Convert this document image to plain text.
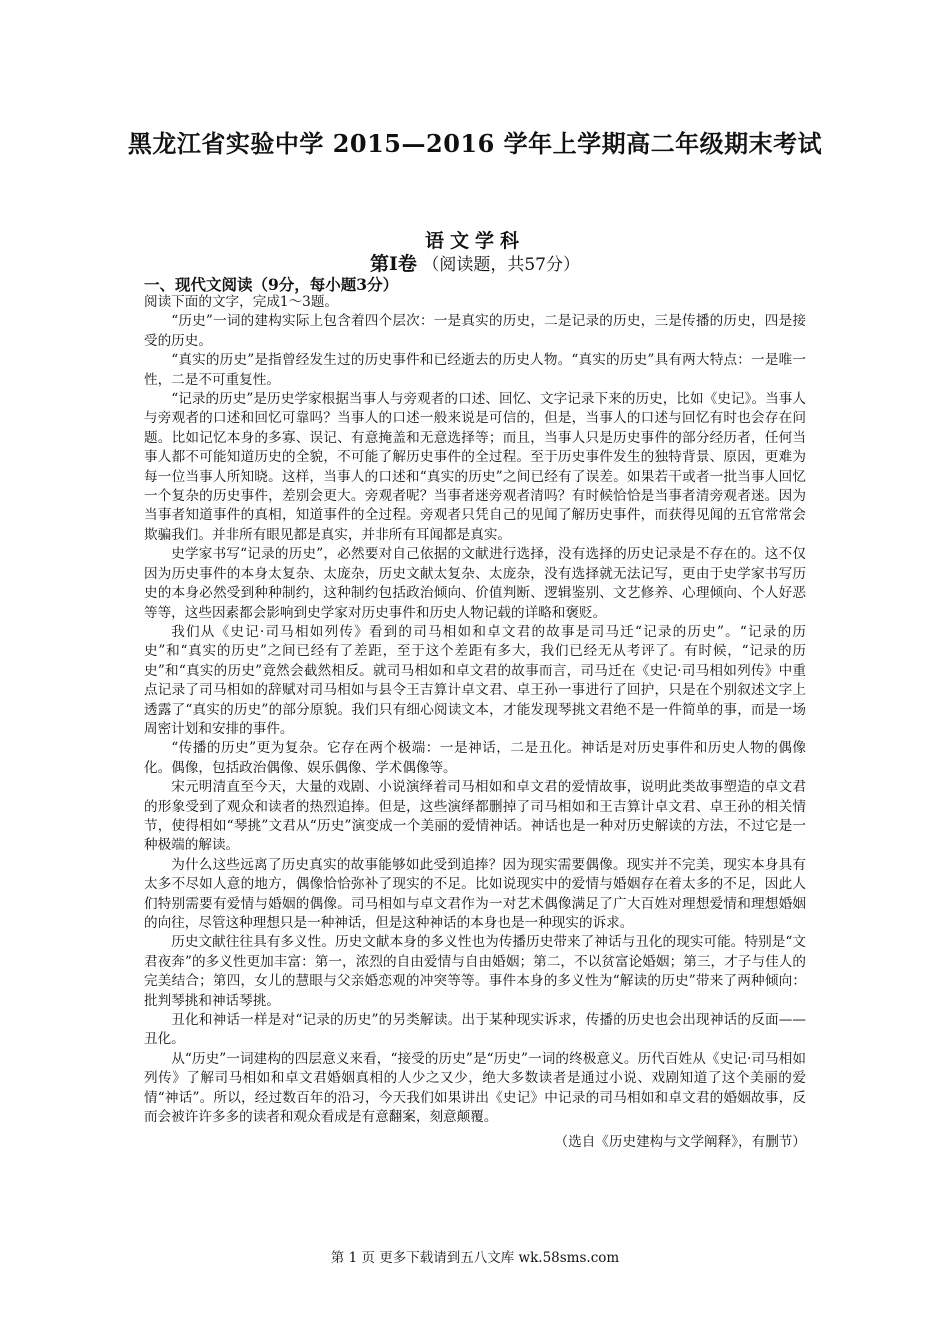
黑龙江省实验中学 2015—2016 学年上学期高二年级期末考试
语文学科
第Ⅰ卷 （阅读题，共57分）
一、现代文阅读（9分，每小题3分）

阅读下面的文字，完成1～3题。

“历史”一词的建构实际上包含着四个层次：一是真实的历史，二是记录的历史，三是传播的历史，四是接受的历史。

“真实的历史”是指曾经发生过的历史事件和已经逝去的历史人物。“真实的历史”具有两大特点：一是唯一性，二是不可重复性。

“记录的历史”是历史学家根据当事人与旁观者的口述、回忆、文字记录下来的历史，比如《史记》。当事人与旁观者的口述和回忆可靠吗？当事人的口述一般来说是可信的，但是，当事人的口述与回忆有时也会存在问题。比如记忆本身的多寡、误记、有意掩盖和无意选择等；而且，当事人只是历史事件的部分经历者，任何当事人都不可能知道历史的全貌，不可能了解历史事件的全过程。至于历史事件发生的独特背景、原因，更难为每一位当事人所知晓。这样，当事人的口述和“真实的历史”之间已经有了误差。如果若干或者一批当事人回忆一个复杂的历史事件，差别会更大。旁观者呢？当事者迷旁观者清吗？有时候恰恰是当事者清旁观者迷。因为当事者知道事件的真相，知道事件的全过程。旁观者只凭自己的见闻了解历史事件，而获得见闻的五官常常会欺骗我们。并非所有眼见都是真实，并非所有耳闻都是真实。

史学家书写“记录的历史”，必然要对自己依据的文献进行选择，没有选择的历史记录是不存在的。这不仅因为历史事件的本身太复杂、太庞杂，历史文献太复杂、太庞杂，没有选择就无法记写，更由于史学家书写历史的本身必然受到种种制约，这种制约包括政治倾向、价值判断、逻辑鉴别、文艺修养、心理倾向、个人好恶等等，这些因素都会影响到史学家对历史事件和历史人物记载的详略和褒贬。

我们从《史记·司马相如列传》看到的司马相如和卓文君的故事是司马迁“记录的历史”。“记录的历史”和“真实的历史”之间已经有了差距，至于这个差距有多大，我们已经无从考评了。有时候，“记录的历史”和“真实的历史”竟然会截然相反。就司马相如和卓文君的故事而言，司马迁在《史记·司马相如列传》中重点记录了司马相如的辞赋对司马相如与县令王吉算计卓文君、卓王孙一事进行了回护，只是在个别叙述文字上透露了“真实的历史”的部分原貌。我们只有细心阅读文本，才能发现琴挑文君绝不是一件简单的事，而是一场周密计划和安排的事件。

“传播的历史”更为复杂。它存在两个极端：一是神话，二是丑化。神话是对历史事件和历史人物的偶像化。偶像，包括政治偶像、娱乐偶像、学术偶像等。

宋元明清直至今天，大量的戏剧、小说演绎着司马相如和卓文君的爱情故事，说明此类故事塑造的卓文君的形象受到了观众和读者的热烈追捧。但是，这些演绎都删掉了司马相如和王吉算计卓文君、卓王孙的相关情节，使得相如“琴挑”文君从“历史”演变成一个美丽的爱情神话。神话也是一种对历史解读的方法，不过它是一种极端的解读。

为什么这些远离了历史真实的故事能够如此受到追捧？因为现实需要偶像。现实并不完美，现实本身具有太多不尽如人意的地方，偶像恰恰弥补了现实的不足。比如说现实中的爱情与婚姻存在着太多的不足，因此人们特别需要有爱情与婚姻的偶像。司马相如与卓文君作为一对艺术偶像满足了广大百姓对理想爱情和理想婚姻的向往，尽管这种理想只是一种神话，但是这种神话的本身也是一种现实的诉求。

历史文献往往具有多义性。历史文献本身的多义性也为传播历史带来了神话与丑化的现实可能。特别是“文君夜奔”的多义性更加丰富：第一，浓烈的自由爱情与自由婚姻；第二，不以贫富论婚姻；第三，才子与佳人的完美结合；第四，女儿的慧眼与父亲婚恋观的冲突等等。事件本身的多义性为“解读的历史”带来了两种倾向：批判琴挑和神话琴挑。

丑化和神话一样是对“记录的历史”的另类解读。出于某种现实诉求，传播的历史也会出现神话的反面——丑化。

从“历史”一词建构的四层意义来看，“接受的历史”是“历史”一词的终极意义。历代百姓从《史记·司马相如列传》了解司马相如和卓文君婚姻真相的人少之又少，绝大多数读者是通过小说、戏剧知道了这个美丽的爱情“神话”。所以，经过数百年的沿习，今天我们如果讲出《史记》中记录的司马相如和卓文君的婚姻故事，反而会被许许多多的读者和观众看成是有意翻案，刻意颠覆。

（选自《历史建构与文学阐释》，有删节）

第 1 页 更多下载请到五八文库 wk.58sms.com
